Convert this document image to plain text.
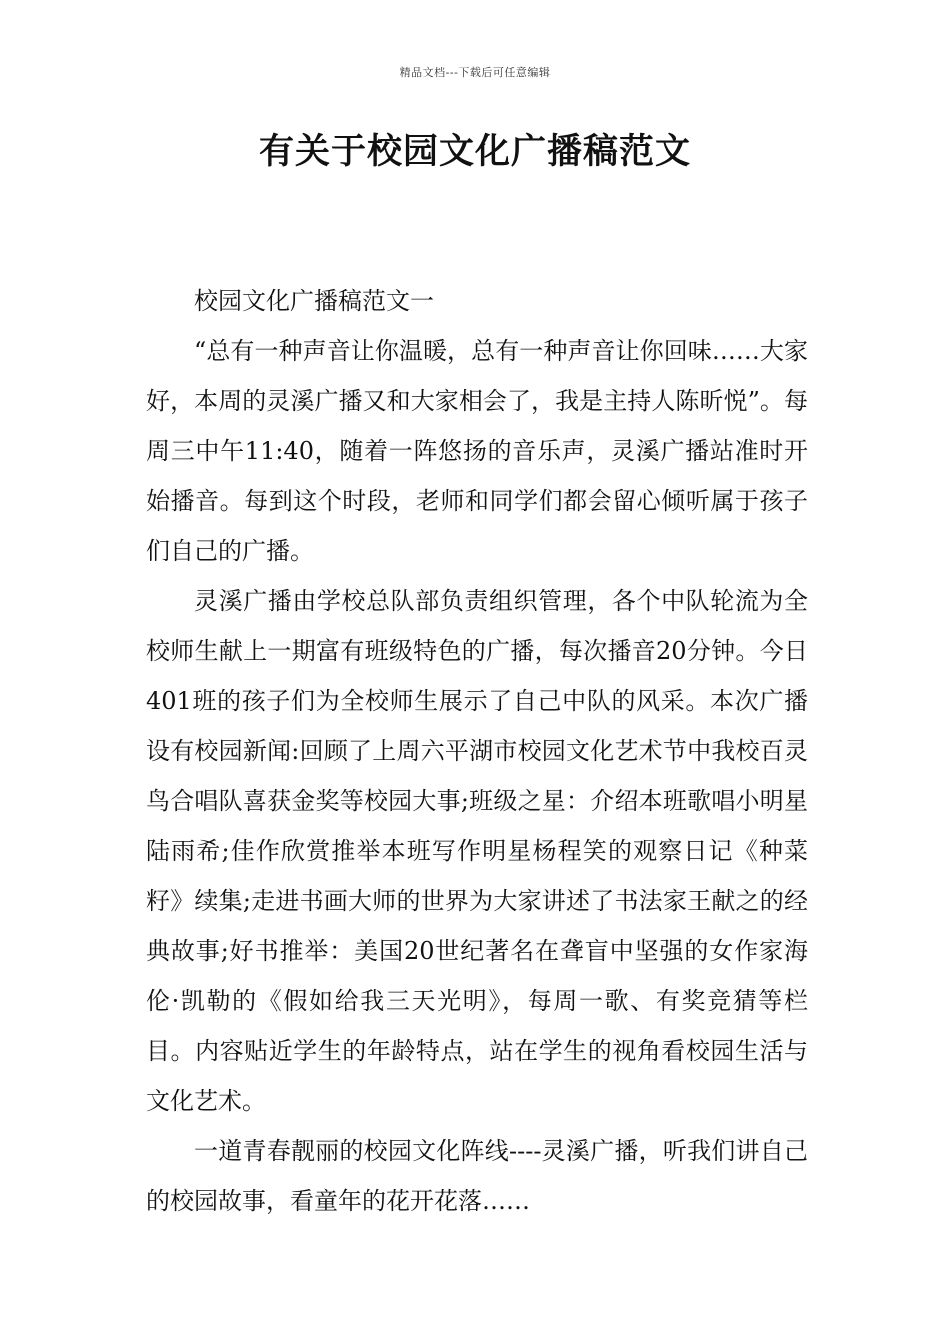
精品文档---下载后可任意编辑
有关于校园文化广播稿范文

校园文化广播稿范文一

“总有一种声音让你温暖，总有一种声音让你回味……大家好，本周的灵溪广播又和大家相会了，我是主持人陈昕悦”。每周三中午11:40，随着一阵悠扬的音乐声，灵溪广播站准时开始播音。每到这个时段，老师和同学们都会留心倾听属于孩子们自己的广播。

灵溪广播由学校总队部负责组织管理，各个中队轮流为全校师生献上一期富有班级特色的广播，每次播音20分钟。今日401班的孩子们为全校师生展示了自己中队的风采。本次广播设有校园新闻:回顾了上周六平湖市校园文化艺术节中我校百灵鸟合唱队喜获金奖等校园大事;班级之星：介绍本班歌唱小明星陆雨希;佳作欣赏推举本班写作明星杨程笑的观察日记《种菜籽》续集;走进书画大师的世界为大家讲述了书法家王献之的经典故事;好书推举：美国20世纪著名在聋盲中坚强的女作家海伦·凯勒的《假如给我三天光明》，每周一歌、有奖竞猜等栏目。内容贴近学生的年龄特点，站在学生的视角看校园生活与文化艺术。

一道青春靓丽的校园文化阵线----灵溪广播，听我们讲自己的校园故事，看童年的花开花落……
